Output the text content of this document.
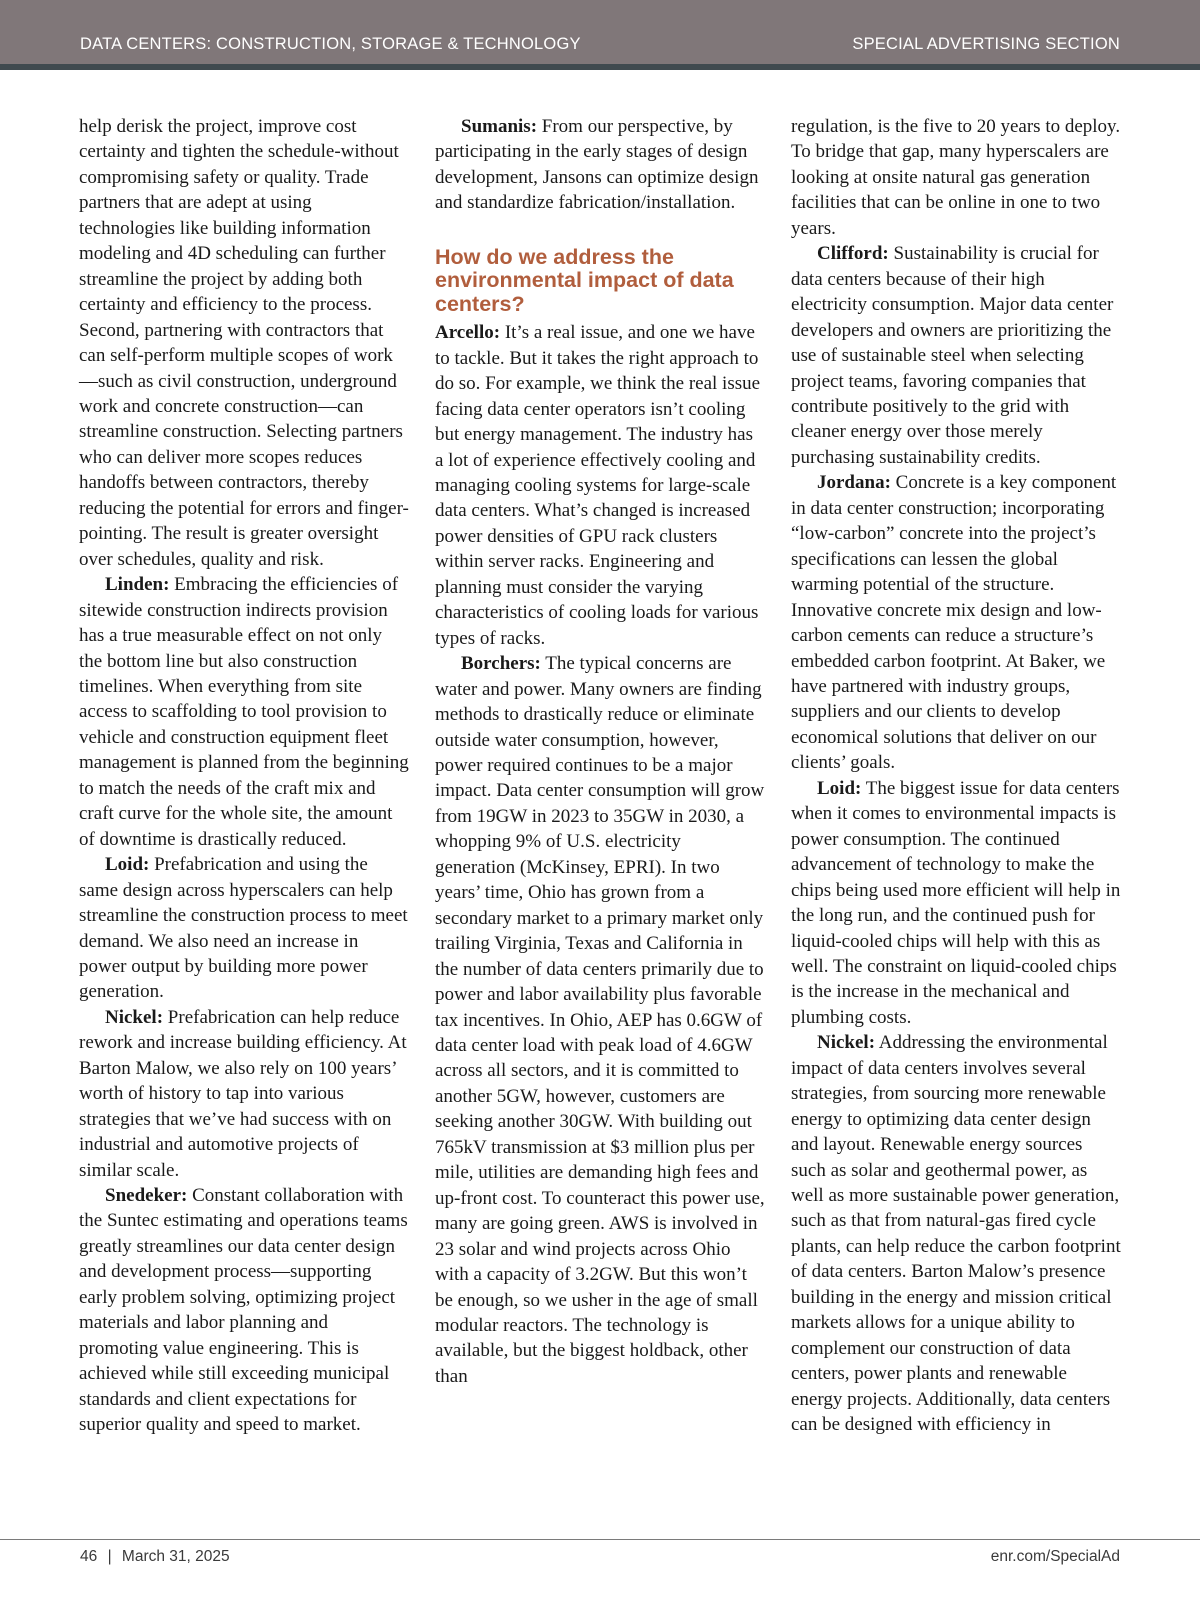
DATA CENTERS: CONSTRUCTION, STORAGE & TECHNOLOGY	SPECIAL ADVERTISING SECTION

help derisk the project, improve cost certainty and tighten the schedule-without compromising safety or quality. Trade partners that are adept at using technologies like building information modeling and 4D scheduling can further streamline the project by adding both certainty and efficiency to the process. Second, partnering with contractors that can self-perform multiple scopes of work—such as civil construction, underground work and concrete construction—can streamline construction. Selecting partners who can deliver more scopes reduces handoffs between contractors, thereby reducing the potential for errors and finger-pointing. The result is greater oversight over schedules, quality and risk.

Linden: Embracing the efficiencies of sitewide construction indirects provision has a true measurable effect on not only the bottom line but also construction timelines. When everything from site access to scaffolding to tool provision to vehicle and construction equipment fleet management is planned from the beginning to match the needs of the craft mix and craft curve for the whole site, the amount of downtime is drastically reduced.

Loid: Prefabrication and using the same design across hyperscalers can help streamline the construction process to meet demand. We also need an increase in power output by building more power generation.

Nickel: Prefabrication can help reduce rework and increase building efficiency. At Barton Malow, we also rely on 100 years’ worth of history to tap into various strategies that we’ve had success with on industrial and automotive projects of similar scale.

Snedeker: Constant collaboration with the Suntec estimating and operations teams greatly streamlines our data center design and development process—supporting early problem solving, optimizing project materials and labor planning and promoting value engineering. This is achieved while still exceeding municipal standards and client expectations for superior quality and speed to market.

Sumanis: From our perspective, by participating in the early stages of design development, Jansons can optimize design and standardize fabrication/installation.

How do we address the environmental impact of data centers?

Arcello: It’s a real issue, and one we have to tackle. But it takes the right approach to do so. For example, we think the real issue facing data center operators isn’t cooling but energy management. The industry has a lot of experience effectively cooling and managing cooling systems for large-scale data centers. What’s changed is increased power densities of GPU rack clusters within server racks. Engineering and planning must consider the varying characteristics of cooling loads for various types of racks.

Borchers: The typical concerns are water and power. Many owners are finding methods to drastically reduce or eliminate outside water consumption, however, power required continues to be a major impact. Data center consumption will grow from 19GW in 2023 to 35GW in 2030, a whopping 9% of U.S. electricity generation (McKinsey, EPRI). In two years’ time, Ohio has grown from a secondary market to a primary market only trailing Virginia, Texas and California in the number of data centers primarily due to power and labor availability plus favorable tax incentives. In Ohio, AEP has 0.6GW of data center load with peak load of 4.6GW across all sectors, and it is committed to another 5GW, however, customers are seeking another 30GW. With building out 765kV transmission at $3 million plus per mile, utilities are demanding high fees and up-front cost. To counteract this power use, many are going green. AWS is involved in 23 solar and wind projects across Ohio with a capacity of 3.2GW. But this won’t be enough, so we usher in the age of small modular reactors. The technology is available, but the biggest holdback, other than

regulation, is the five to 20 years to deploy. To bridge that gap, many hyperscalers are looking at onsite natural gas generation facilities that can be online in one to two years.

Clifford: Sustainability is crucial for data centers because of their high electricity consumption. Major data center developers and owners are prioritizing the use of sustainable steel when selecting project teams, favoring companies that contribute positively to the grid with cleaner energy over those merely purchasing sustainability credits.

Jordana: Concrete is a key component in data center construction; incorporating “low-carbon” concrete into the project’s specifications can lessen the global warming potential of the structure. Innovative concrete mix design and low-carbon cements can reduce a structure’s embedded carbon footprint. At Baker, we have partnered with industry groups, suppliers and our clients to develop economical solutions that deliver on our clients’ goals.

Loid: The biggest issue for data centers when it comes to environmental impacts is power consumption. The continued advancement of technology to make the chips being used more efficient will help in the long run, and the continued push for liquid-cooled chips will help with this as well. The constraint on liquid-cooled chips is the increase in the mechanical and plumbing costs.

Nickel: Addressing the environmental impact of data centers involves several strategies, from sourcing more renewable energy to optimizing data center design and layout. Renewable energy sources such as solar and geothermal power, as well as more sustainable power generation, such as that from natural-gas fired cycle plants, can help reduce the carbon footprint of data centers. Barton Malow’s presence building in the energy and mission critical markets allows for a unique ability to complement our construction of data centers, power plants and renewable energy projects. Additionally, data centers can be designed with efficiency in

46 | March 31, 2025	enr.com/SpecialAd
